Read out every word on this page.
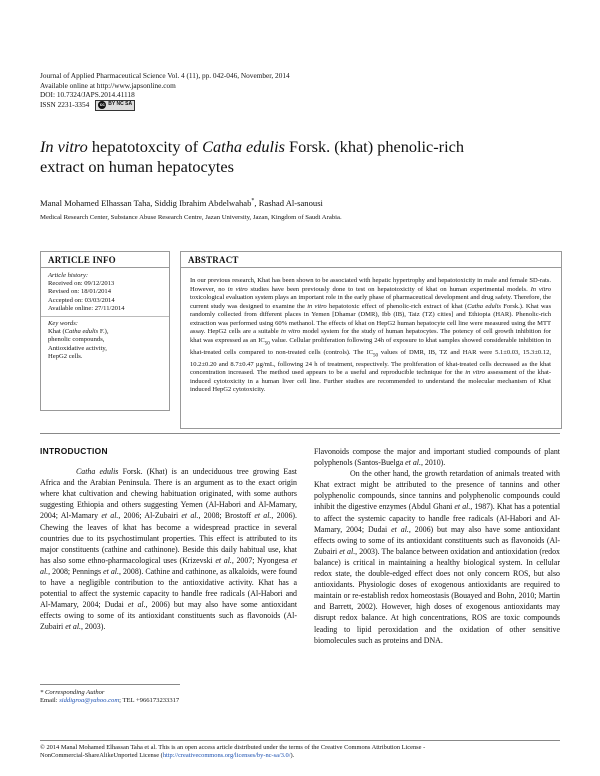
Journal of Applied Pharmaceutical Science Vol. 4 (11), pp. 042-046, November, 2014
Available online at http://www.japsonline.com
DOI: 10.7324/JAPS.2014.41118
ISSN 2231-3354	cc BY NC SA
In vitro hepatotoxcity of Catha edulis Forsk. (khat) phenolic-rich
extract on human hepatocytes
Manal Mohamed Elhassan Taha, Siddig Ibrahim Abdelwahab*, Rashad Al-sanousi
Medical Research Center, Substance Abuse Research Centre, Jazan University, Jazan, Kingdom of Saudi Arabia.
ARTICLE INFO
Article history:
Received on: 09/12/2013
Revised on: 18/01/2014
Accepted on: 03/03/2014
Available online: 27/11/2014
Key words:
Khat (Catha edulis F.),
phenolic compounds,
Antioxidative activity,
HepG2 cells.
ABSTRACT
In our previous research, Khat has been shown to be associated with hepatic hypertrophy and hepatotoxicity in male and female SD-rats. However, no in vitro studies have been previously done to test on hepatotoxicity of khat on human experimental models. In vitro toxicological evaluation system plays an important role in the early phase of pharmaceutical development and drug safety. Therefore, the current study was designed to examine the in vitro hepatotoxic effect of phenolic-rich extract of khat (Catha edulis Forsk.). Khat was randomly collected from different places in Yemen [Dhamar (DMR), Ibb (IB), Taiz (TZ) cities] and Ethiopia (HAR). Phenolic-rich extraction was performed using 60% methanol. The effects of khat on HepG2 human hepatocyte cell line were measured using the MTT assay. HepG2 cells are a suitable in vitro model system for the study of human hepatocytes. The potency of cell growth inhibition for khat was expressed as an $IC_{50}$ value. Cellular proliferation following 24h of exposure to khat samples showed considerable inhibition in khat-treated cells compared to non-treated cells (controls). The $IC_{50}$ values of DMR, IB, TZ and HAR were 5.1±0.03, 15.3±0.12, 10.2±0.20 and 8.7±0.47 µg/mL, following 24 h of treatment, respectively. The proliferation of khat-treated cells decreased as the khat concentration increased. The method used appears to be a useful and reproducible technique for the in vitro assessment of the khat-induced cytotoxicity in a human liver cell line. Further studies are recommended to understand the molecular mechanism of Khat induced HepG2 cytotoxicity.

INTRODUCTION

Catha edulis Forsk. (Khat) is an undeciduous tree growing East Africa and the Arabian Peninsula. There is an argument as to the exact origin where khat cultivation and chewing habituation originated, with some authors suggesting Ethiopia and others suggesting Yemen (Al-Habori and Al-Mamary, 2004; Al-Mamary et al., 2006; Al-Zubairi et al., 2008; Brostoff et al., 2006). Chewing the leaves of khat has become a widespread practice in several countries due to its psychostimulant properties. This effect is attributed to its major constituents (cathine and cathinone). Beside this daily habitual use, khat has also some ethno-pharmacological uses (Krizevski et al., 2007; Nyongesa et al., 2008; Pennings et al., 2008). Cathine and cathinone, as alkaloids, were found to have a negligible contribution to the antioxidative activity. Khat has a potential to affect the systemic capacity to handle free radicals (Al-Habori and Al-Mamary, 2004; Dudai et al., 2006) but may also have some antioxidant effects owing to some of its antioxidant constituents such as flavonoids (Al-Zubairi et al., 2003).

Flavonoids compose the major and important studied compounds of plant polyphenols (Santos-Buelga et al., 2010).

On the other hand, the growth retardation of animals treated with Khat extract might be attributed to the presence of tannins and other polyphenolic compounds, since tannins and polyphenolic compounds could inhibit the digestive enzymes (Abdul Ghani et al., 1987). Khat has a potential to affect the systemic capacity to handle free radicals (Al-Habori and Al-Mamary, 2004; Dudai et al., 2006) but may also have some antioxidant effects owing to some of its antioxidant constituents such as flavonoids (Al-Zubairi et al., 2003). The balance between oxidation and antioxidation (redox balance) is critical in maintaining a healthy biological system. In cellular redox state, the double-edged effect does not only concern ROS, but also antioxidants. Physiologic doses of exogenous antioxidants are required to maintain or re-establish redox homeostasis (Bouayed and Bohn, 2010; Martin and Barrett, 2002). However, high doses of exogenous antioxidants may disrupt redox balance. At high concentrations, ROS are toxic compounds leading to lipid peroxidation and the oxidation of other sensitive biomolecules such as proteins and DNA.

* Corresponding Author
Email: siddigroa@yahoo.com; TEL +966173233317
© 2014 Manal Mohamed Elhassan Taha et al. This is an open access article distributed under the terms of the Creative Commons Attribution License -
NonCommercial-ShareAlikeUnported License (http://creativecommons.org/licenses/by-nc-sa/3.0/).
